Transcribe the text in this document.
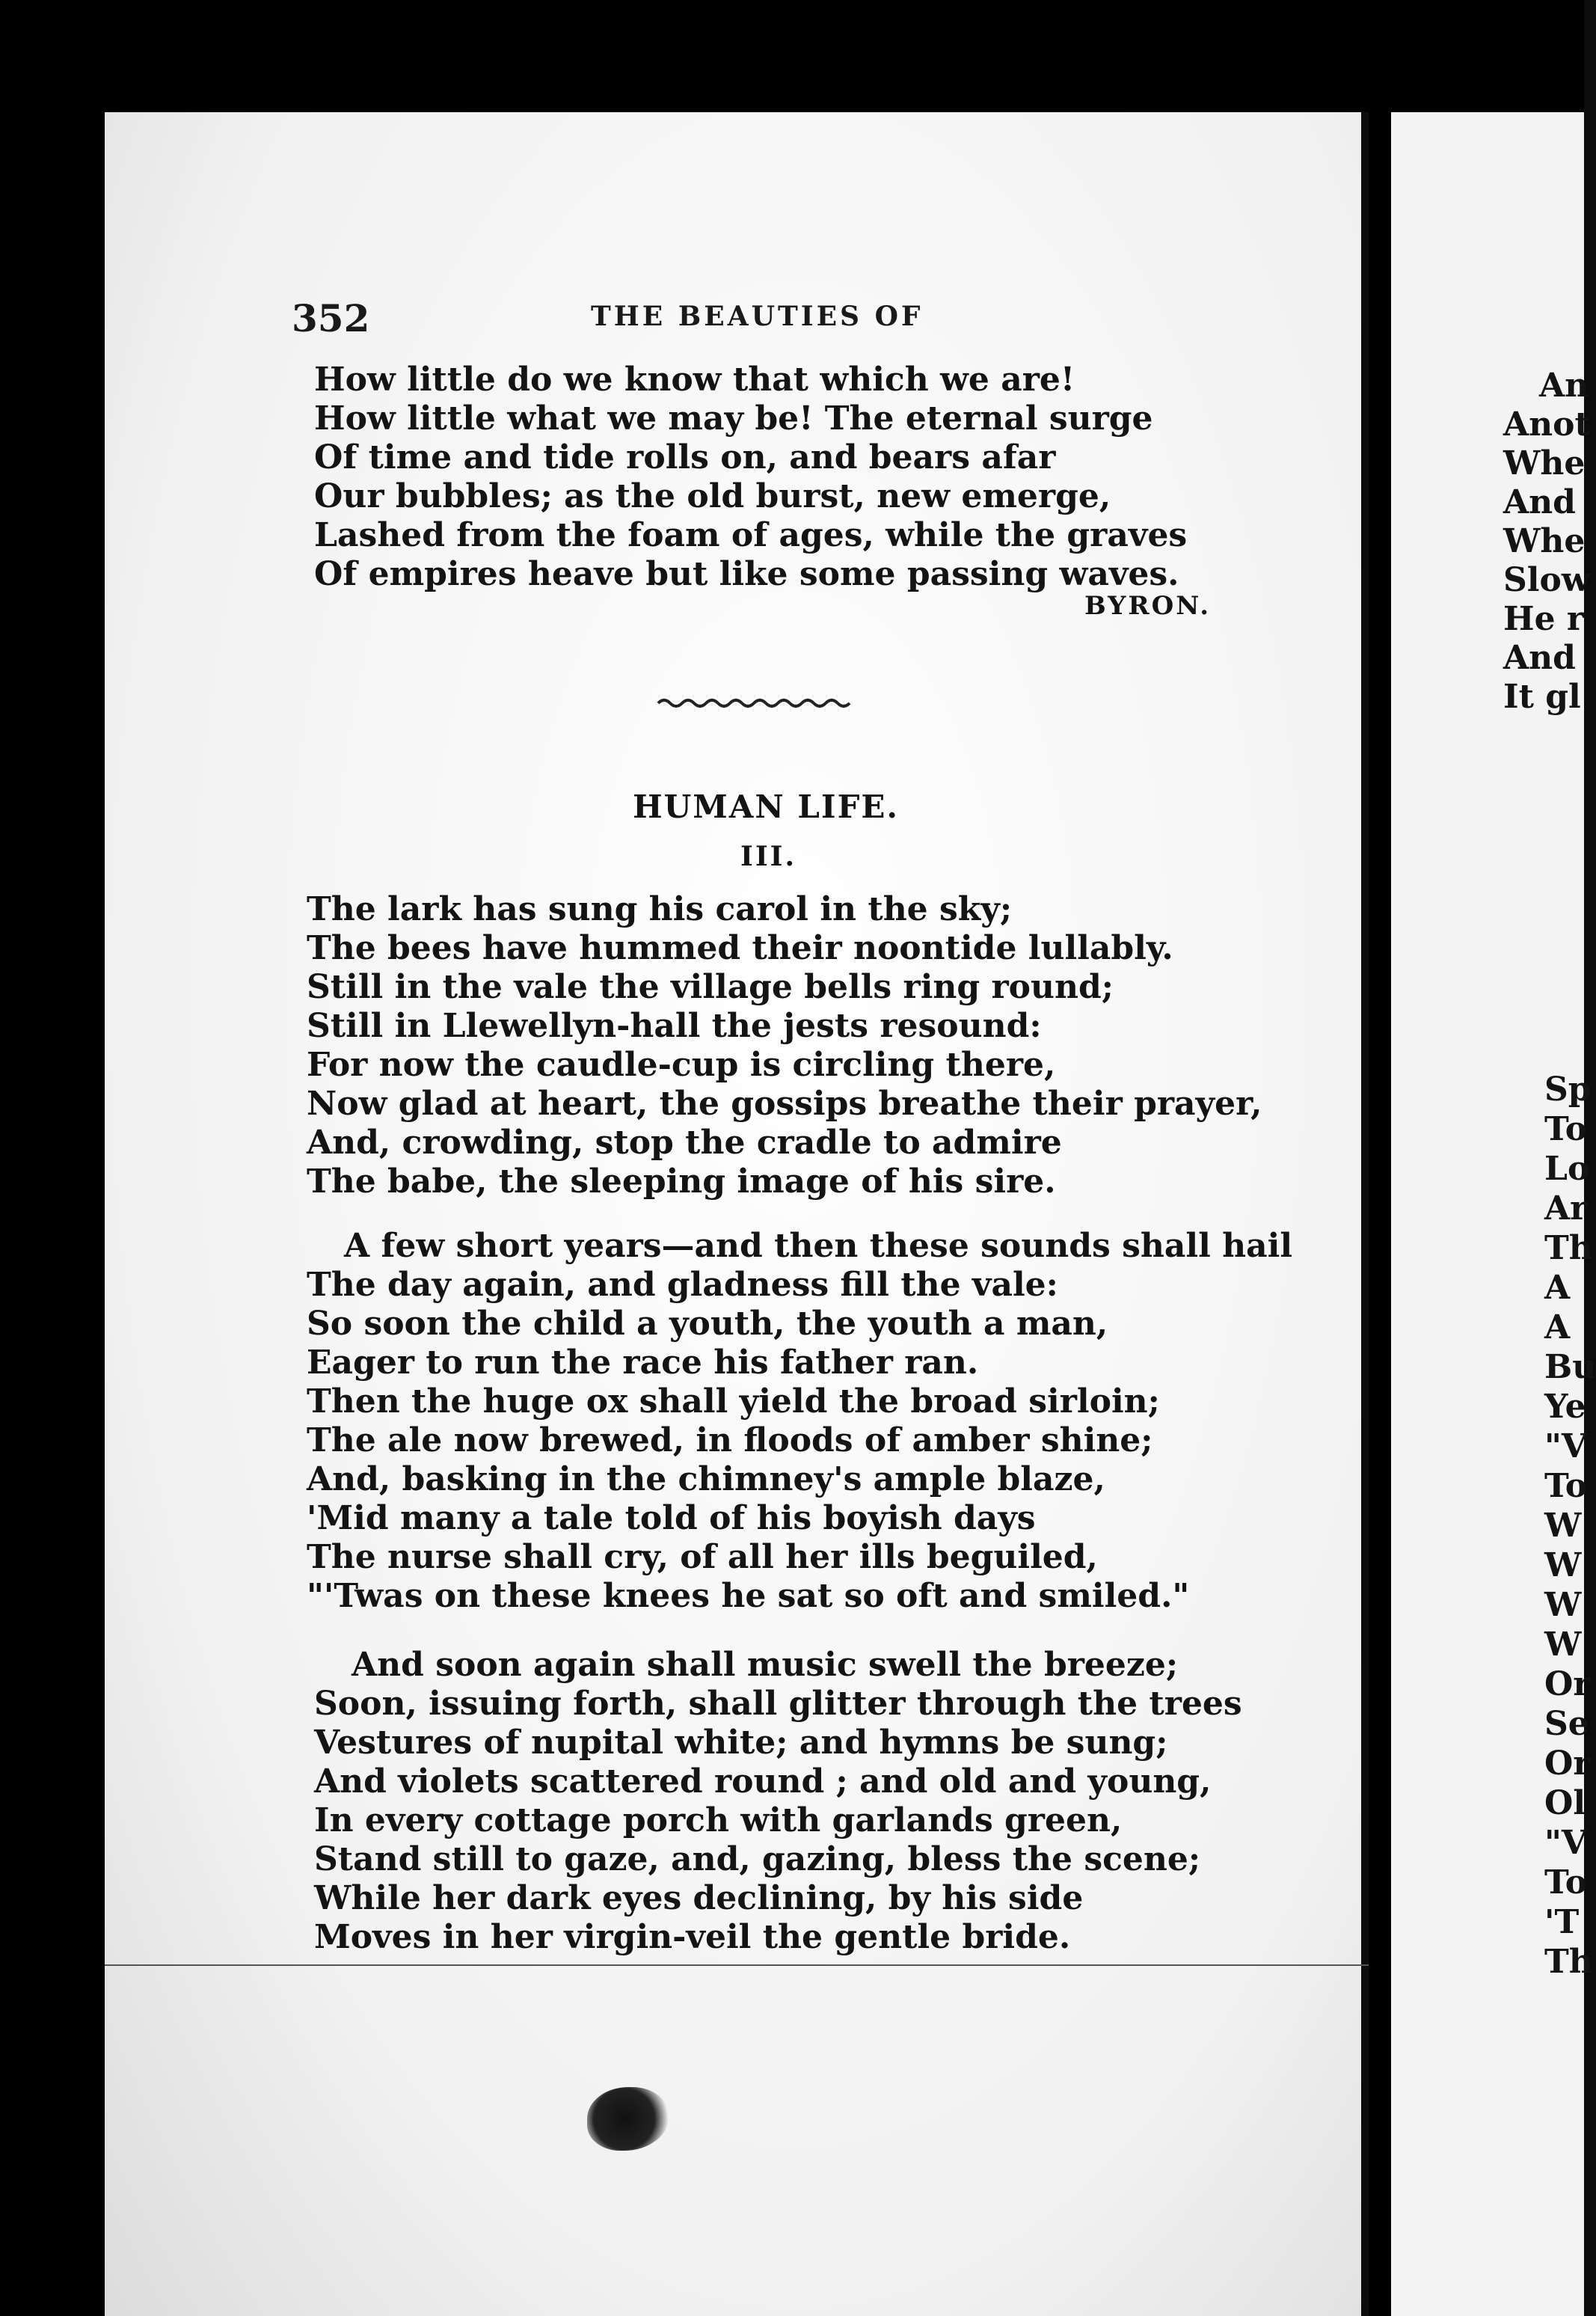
An
Anot
Whe
And
Whe
Slow
He r
And
It gl
Sp
To
Lo
Ar
Th
A
A
Bu
Ye
"V
To
W
W
W
W
Or
Se
Or
Ol
"V
To
'T
Th
352	THE BEAUTIES OF
How little do we know that which we are!
How little what we may be! The eternal surge
Of time and tide rolls on, and bears afar
Our bubbles; as the old burst, new emerge,
Lashed from the foam of ages, while the graves
Of empires heave but like some passing waves.
BYRON.
HUMAN LIFE.
III.
The lark has sung his carol in the sky;
The bees have hummed their noontide lullably.
Still in the vale the village bells ring round;
Still in Llewellyn-hall the jests resound:
For now the caudle-cup is circling there,
Now glad at heart, the gossips breathe their prayer,
And, crowding, stop the cradle to admire
The babe, the sleeping image of his sire.
A few short years—and then these sounds shall hail
The day again, and gladness fill the vale:
So soon the child a youth, the youth a man,
Eager to run the race his father ran.
Then the huge ox shall yield the broad sirloin;
The ale now brewed, in floods of amber shine;
And, basking in the chimney's ample blaze,
'Mid many a tale told of his boyish days
The nurse shall cry, of all her ills beguiled,
"'Twas on these knees he sat so oft and smiled."
And soon again shall music swell the breeze;
Soon, issuing forth, shall glitter through the trees
Vestures of nupital white; and hymns be sung;
And violets scattered round ; and old and young,
In every cottage porch with garlands green,
Stand still to gaze, and, gazing, bless the scene;
While her dark eyes declining, by his side
Moves in her virgin-veil the gentle bride.
